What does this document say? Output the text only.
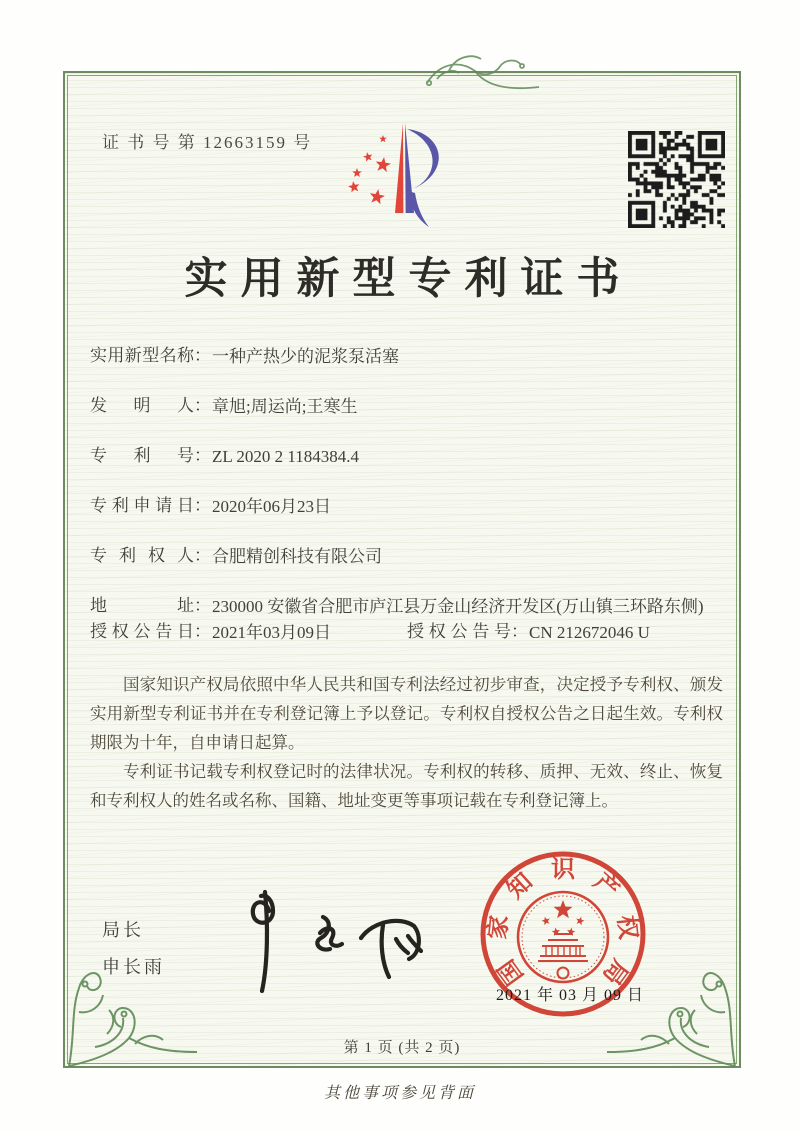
证 书 号 第 12663159 号
实用新型专利证书
实用新型名称 ： 一种产热少的泥浆泵活塞
发明人 ： 章旭;周运尚;王寒生
专利号 ： ZL 2020 2 1184384.4
专利申请日 ： 2020年06月23日
专利权人 ： 合肥精创科技有限公司
地址 ： 230000 安徽省合肥市庐江县万金山经济开发区(万山镇三环路东侧)
授权公告日 ： 2021年03月09日	授权公告号 ： CN 212672046 U

国家知识产权局依照中华人民共和国专利法经过初步审查，决定授予专利权、颁发实用新型专利证书并在专利登记簿上予以登记。专利权自授权公告之日起生效。专利权期限为十年，自申请日起算。

专利证书记载专利权登记时的法律状况。专利权的转移、质押、无效、终止、恢复和专利权人的姓名或名称、国籍、地址变更等事项记载在专利登记簿上。

局长
申长雨	国
家
知 识 产
权
局
2021 年 03 月 09 日
第 1 页 (共 2 页)
其他事项参见背面
